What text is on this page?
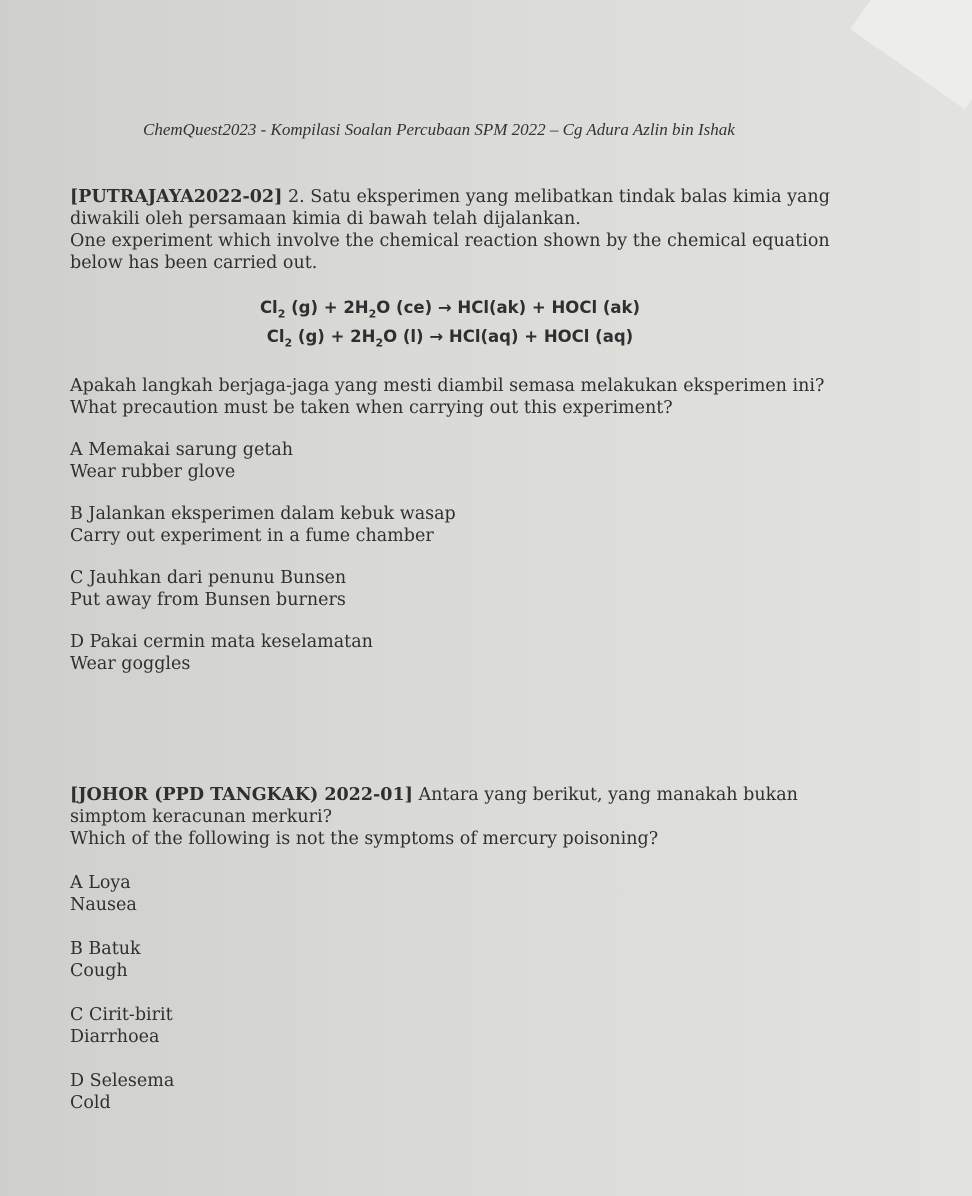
ChemQuest2023 - Kompilasi Soalan Percubaan SPM 2022 – Cg Adura Azlin bin Ishak

[PUTRAJAYA2022-02] 2. Satu eksperimen yang melibatkan tindak balas kimia yang diwakili oleh persamaan kimia di bawah telah dijalankan.

One experiment which involve the chemical reaction shown by the chemical equation below has been carried out.

$Cl_2$ $(g) + 2H_2O$ (ce) → HCl(ak) + HOCl (ak)
$Cl_2$ $(g) + 2H_2O$ (l) → HCl(aq) + HOCl (aq)

Apakah langkah berjaga-jaga yang mesti diambil semasa melakukan eksperimen ini?

What precaution must be taken when carrying out this experiment?

A Memakai sarung getah

Wear rubber glove

B Jalankan eksperimen dalam kebuk wasap

Carry out experiment in a fume chamber

C Jauhkan dari penunu Bunsen

Put away from Bunsen burners

D Pakai cermin mata keselamatan

Wear goggles

[JOHOR (PPD TANGKAK) 2022-01] Antara yang berikut, yang manakah bukan simptom keracunan merkuri?

Which of the following is not the symptoms of mercury poisoning?

A Loya

Nausea

B Batuk

Cough

C Cirit-birit

Diarrhoea

D Selesema

Cold
